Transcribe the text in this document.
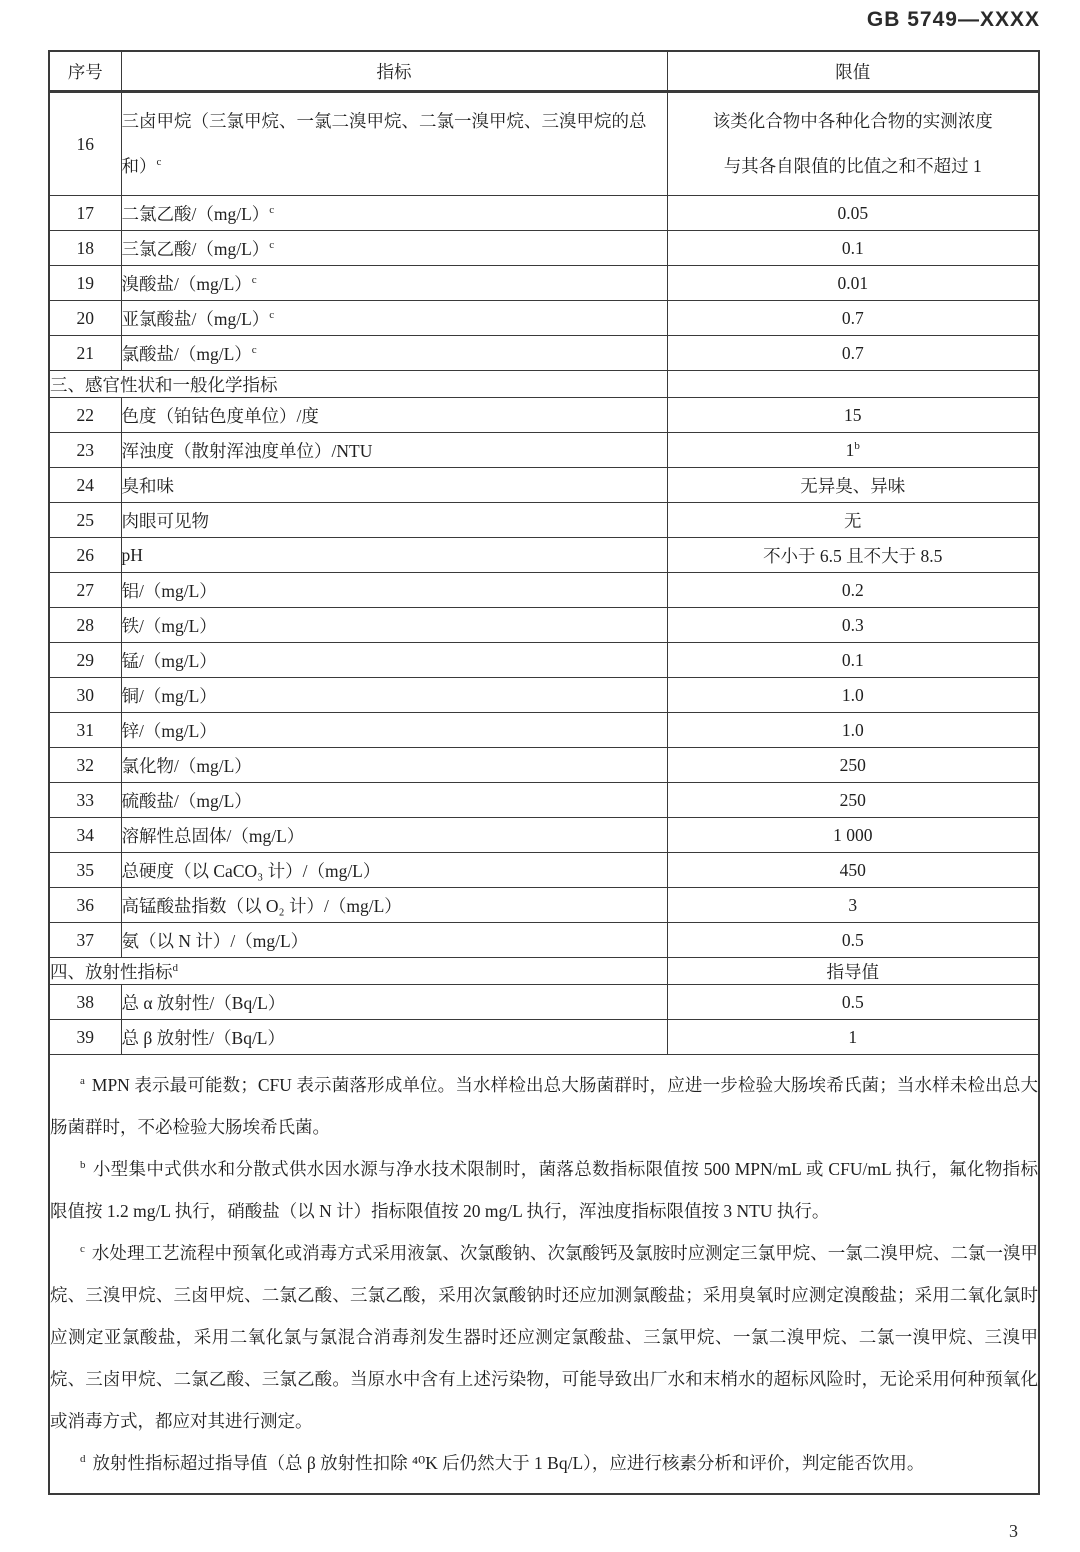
GB 5749—XXXX
序号	指标	限值
16	三卤甲烷（三氯甲烷、一氯二溴甲烷、二氯一溴甲烷、三溴甲烷的总和）$^c$	该类化合物中各种化合物的实测浓度
与其各自限值的比值之和不超过 1
17	二氯乙酸$/(mg/L)^c$	0.05
18	三氯乙酸$/(mg/L)^c$	0.1
19	溴酸盐$/(mg/L)^c$	0.01
20	亚氯酸盐$/(mg/L)^c$	0.7
21	氯酸盐$/(mg/L)^c$	0.7
三、感官性状和一般化学指标		
22	色度（铂钴色度单位）/度	15
23	浑浊度（散射浑浊度单位）/NTU	1$^b$
24	臭和味	无异臭、异味
25	肉眼可见物	无
26	pH	不小于 6.5 且不大于 8.5
27	铝/（mg/L）	0.2
28	铁/（mg/L）	0.3
29	锰/（mg/L）	0.1
30	铜/（mg/L）	1.0
31	锌/（mg/L）	1.0
32	氯化物/（mg/L）	250
33	硫酸盐/（mg/L）	250
34	溶解性总固体/（mg/L）	1 000
35	总硬度（以 CaCO₃ 计）/（mg/L）	450
36	高锰酸盐指数（以 O₂ 计）/（mg/L）	3
37	氨（以 N 计）/（mg/L）	0.5
四、放射性指标$^d$		指导值
38	总 α 放射性/（Bq/L）	0.5
39	总 β 放射性/（Bq/L）	1

$^a$ MPN 表示最可能数；CFU 表示菌落形成单位。当水样检出总大肠菌群时，应进一步检验大肠埃希氏菌；当水样未检出总大肠菌群时，不必检验大肠埃希氏菌。

$^b$ 小型集中式供水和分散式供水因水源与净水技术限制时，菌落总数指标限值按 500 MPN/mL 或 CFU/mL 执行，氟化物指标限值按 1.2 mg/L 执行，硝酸盐（以 N 计）指标限值按 20 mg/L 执行，浑浊度指标限值按 3 NTU 执行。

$^c$ 水处理工艺流程中预氧化或消毒方式采用液氯、次氯酸钠、次氯酸钙及氯胺时应测定三氯甲烷、一氯二溴甲烷、二氯一溴甲烷、三溴甲烷、三卤甲烷、二氯乙酸、三氯乙酸，采用次氯酸钠时还应加测氯酸盐；采用臭氧时应测定溴酸盐；采用二氧化氯时应测定亚氯酸盐，采用二氧化氯与氯混合消毒剂发生器时还应测定氯酸盐、三氯甲烷、一氯二溴甲烷、二氯一溴甲烷、三溴甲烷、三卤甲烷、二氯乙酸、三氯乙酸。当原水中含有上述污染物，可能导致出厂水和末梢水的超标风险时，无论采用何种预氧化或消毒方式，都应对其进行测定。

$^d$ 放射性指标超过指导值（总 β 放射性扣除 ⁴⁰K 后仍然大于 1 Bq/L），应进行核素分析和评价，判定能否饮用。		

3
